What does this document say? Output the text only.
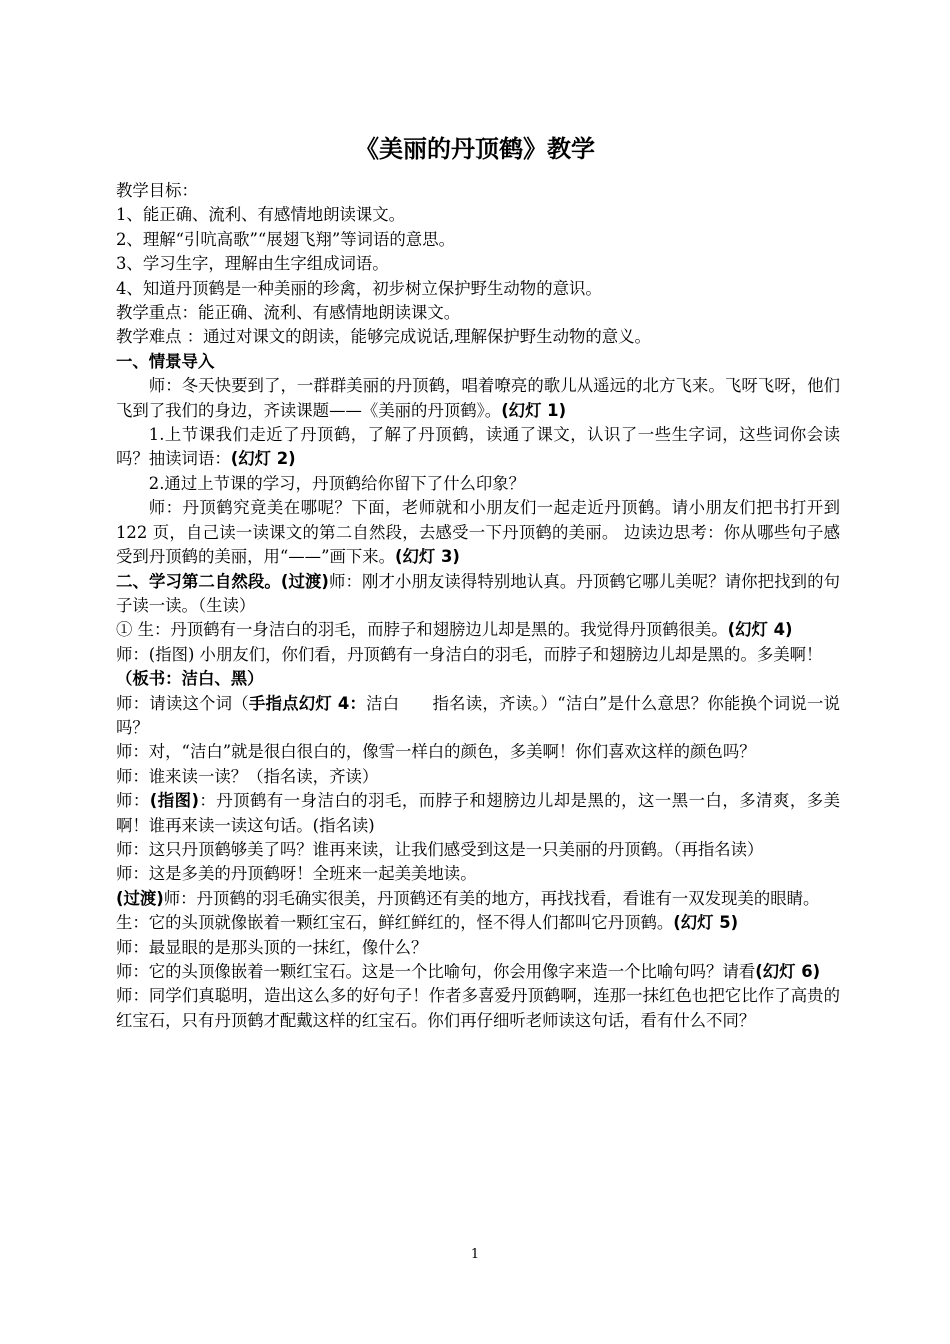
《美丽的丹顶鹤》教学

教学目标：

1、能正确、流利、有感情地朗读课文。

2、理解“引吭高歌”“展翅飞翔”等词语的意思。

3、学习生字，理解由生字组成词语。

4、知道丹顶鹤是一种美丽的珍禽，初步树立保护野生动物的意识。

教学重点：能正确、流利、有感情地朗读课文。

教学难点 ：通过对课文的朗读，能够完成说话,理解保护野生动物的意义。

一、情景导入

师：冬天快要到了，一群群美丽的丹顶鹤，唱着嘹亮的歌儿从遥远的北方飞来。飞呀飞呀，他们飞到了我们的身边，齐读课题——《美丽的丹顶鹤》。(幻灯 1)

1.上节课我们走近了丹顶鹤，了解了丹顶鹤，读通了课文，认识了一些生字词，这些词你会读吗？抽读词语：(幻灯 2)

2.通过上节课的学习，丹顶鹤给你留下了什么印象？

师：丹顶鹤究竟美在哪呢？下面，老师就和小朋友们一起走近丹顶鹤。请小朋友们把书打开到 122 页，自己读一读课文的第二自然段，去感受一下丹顶鹤的美丽。 边读边思考：你从哪些句子感受到丹顶鹤的美丽，用“——”画下来。(幻灯 3)

二、学习第二自然段。(过渡)师：刚才小朋友读得特别地认真。丹顶鹤它哪儿美呢？请你把找到的句子读一读。（生读）

① 生：丹顶鹤有一身洁白的羽毛，而脖子和翅膀边儿却是黑的。我觉得丹顶鹤很美。(幻灯 4)

师：(指图) 小朋友们，你们看，丹顶鹤有一身洁白的羽毛，而脖子和翅膀边儿却是黑的。多美啊！

（板书：洁白、黑）

师：请读这个词（手指点幻灯 4：洁白　　指名读，齐读。）“洁白”是什么意思？你能换个词说一说吗？

师：对，“洁白”就是很白很白的，像雪一样白的颜色，多美啊！你们喜欢这样的颜色吗？

师：谁来读一读？（指名读，齐读）

师：(指图)：丹顶鹤有一身洁白的羽毛，而脖子和翅膀边儿却是黑的，这一黑一白，多清爽，多美啊！谁再来读一读这句话。(指名读)

师：这只丹顶鹤够美了吗？谁再来读，让我们感受到这是一只美丽的丹顶鹤。（再指名读）

师：这是多美的丹顶鹤呀！全班来一起美美地读。

(过渡)师：丹顶鹤的羽毛确实很美，丹顶鹤还有美的地方，再找找看，看谁有一双发现美的眼睛。

生：它的头顶就像嵌着一颗红宝石，鲜红鲜红的，怪不得人们都叫它丹顶鹤。(幻灯 5)

师：最显眼的是那头顶的一抹红，像什么？

师：它的头顶像嵌着一颗红宝石。这是一个比喻句，你会用像字来造一个比喻句吗？请看(幻灯 6)

师：同学们真聪明，造出这么多的好句子！作者多喜爱丹顶鹤啊，连那一抹红色也把它比作了高贵的红宝石，只有丹顶鹤才配戴这样的红宝石。你们再仔细听老师读这句话，看有什么不同？

1
